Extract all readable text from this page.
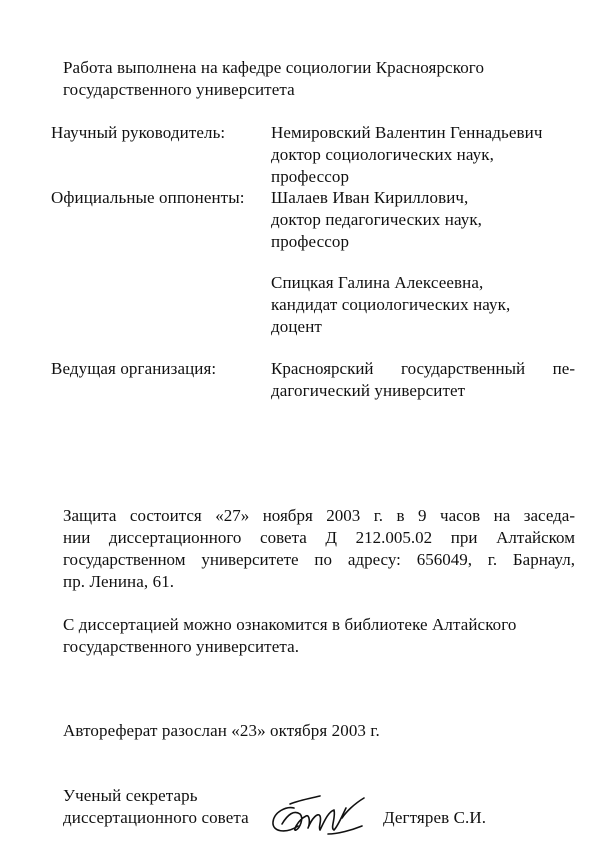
Работа выполнена на кафедре социологии Красноярского
государственного университета
Научный руководитель:	Немировский Валентин Геннадьевич
доктор социологических наук,
профессор
Официальные оппоненты: Шалаев Иван Кириллович,
доктор педагогических наук,
профессор
Спицкая Галина Алексеевна,
кандидат социологических наук,
доцент
Ведущая организация:	Красноярский государственный пе-
дагогический университет
Защита состоится «27» ноября 2003 г. в 9 часов на заседа-
нии диссертационного совета Д 212.005.02 при Алтайском
государственном университете по адресу: 656049, г. Барнаул,
пр. Ленина, 61.
С диссертацией можно ознакомится в библиотеке Алтайского
государственного университета.
Автореферат разослан «23» октября 2003 г.
Ученый секретарь
диссертационного совета	Дегтярев С.И.
